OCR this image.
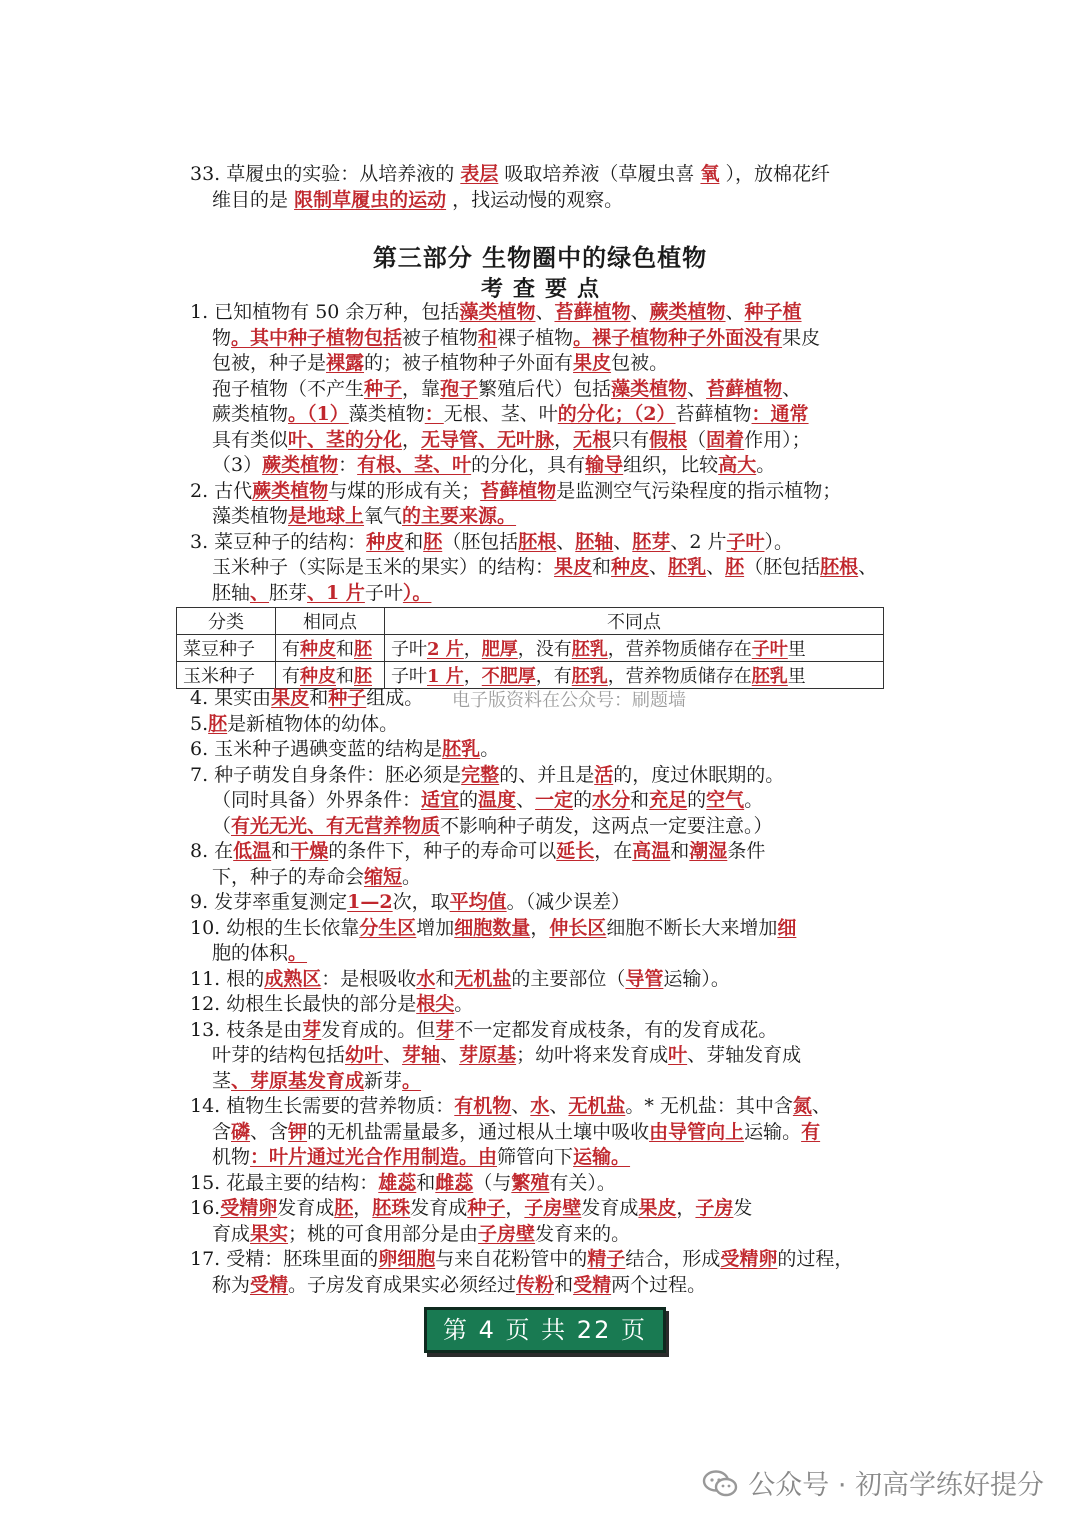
33. 草履虫的实验：从培养液的 表层 吸取培养液（草履虫喜 氧 ），放棉花纤
维目的是 限制草履虫的运动 ，找运动慢的观察。
第三部分 生物圈中的绿色植物
考查要点
1. 已知植物有 50 余万种，包括藻类植物、苔藓植物、蕨类植物、种子植
物。其中种子植物包括被子植物和裸子植物。裸子植物种子外面没有果皮
包被，种子是裸露的；被子植物种子外面有果皮包被。
孢子植物（不产生种子，靠孢子繁殖后代）包括藻类植物、苔藓植物、
蕨类植物。（1）藻类植物：无根、茎、叶的分化；（2）苔藓植物：通常
具有类似叶、茎的分化，无导管、无叶脉，无根只有假根（固着作用）；
（3）蕨类植物：有根、茎、叶的分化，具有输导组织，比较高大。
2. 古代蕨类植物与煤的形成有关；苔藓植物是监测空气污染程度的指示植物；
藻类植物是地球上氧气的主要来源。
3. 菜豆种子的结构：种皮和胚（胚包括胚根、胚轴、胚芽、2 片子叶）。
玉米种子（实际是玉米的果实）的结构：果皮和种皮、胚乳、胚（胚包括胚根、
胚轴、胚芽、1 片子叶）。
分类	相同点	不同点
菜豆种子	有种皮和胚	子叶2 片，肥厚，没有胚乳，营养物质储存在子叶里
玉米种子	有种皮和胚	子叶1 片，不肥厚，有胚乳，营养物质储存在胚乳里
4. 果实由果皮和种子组成。
5.胚是新植物体的幼体。
6. 玉米种子遇碘变蓝的结构是胚乳。
7. 种子萌发自身条件：胚必须是完整的、并且是活的，度过休眠期的。
（同时具备）外界条件：适宜的温度、一定的水分和充足的空气。
（有光无光、有无营养物质不影响种子萌发，这两点一定要注意。）
8. 在低温和干燥的条件下，种子的寿命可以延长，在高温和潮湿条件
下，种子的寿命会缩短。
9. 发芽率重复测定1—2次，取平均值。（减少误差）
10. 幼根的生长依靠分生区增加细胞数量，伸长区细胞不断长大来增加细
胞的体积。
11. 根的成熟区：是根吸收水和无机盐的主要部位（导管运输）。
12. 幼根生长最快的部分是根尖。
13. 枝条是由芽发育成的。但芽不一定都发育成枝条，有的发育成花。
叶芽的结构包括幼叶、芽轴、芽原基；幼叶将来发育成叶、芽轴发育成
茎、芽原基发育成新芽。
14. 植物生长需要的营养物质：有机物、水、无机盐。* 无机盐：其中含氮、
含磷、含钾的无机盐需量最多，通过根从土壤中吸收由导管向上运输。有
机物：叶片通过光合作用制造。由筛管向下运输。
15. 花最主要的结构：雄蕊和雌蕊（与繁殖有关）。
16.受精卵发育成胚，胚珠发育成种子，子房壁发育成果皮，子房发
育成果实；桃的可食用部分是由子房壁发育来的。
17. 受精：胚珠里面的卵细胞与来自花粉管中的精子结合，形成受精卵的过程，
称为受精。子房发育成果实必须经过传粉和受精两个过程。
电子版资料在公众号：刷题墙
第 4 页 共 22 页
公众号 · 初高学练好提分
